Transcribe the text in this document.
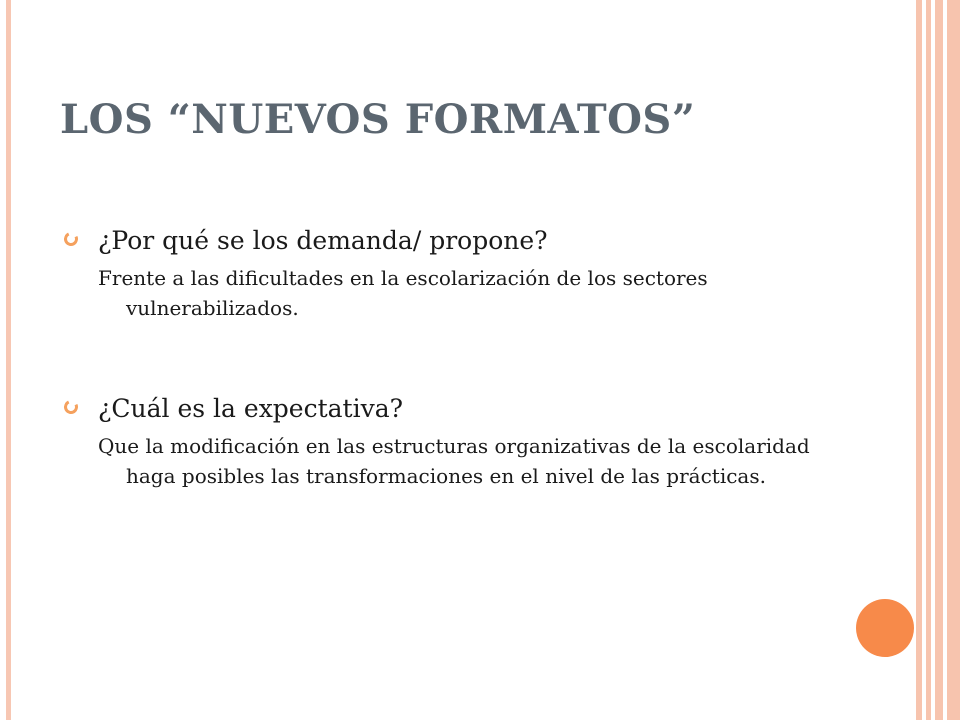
LOS “NUEVOS FORMATOS”
¿Por qué se los demanda/ propone?
Frente a las dificultades en la escolarización de los sectores vulnerabilizados.
¿Cuál es la expectativa?
Que la modificación en las estructuras organizativas de la escolaridad haga posibles las transformaciones en el nivel de las prácticas.
